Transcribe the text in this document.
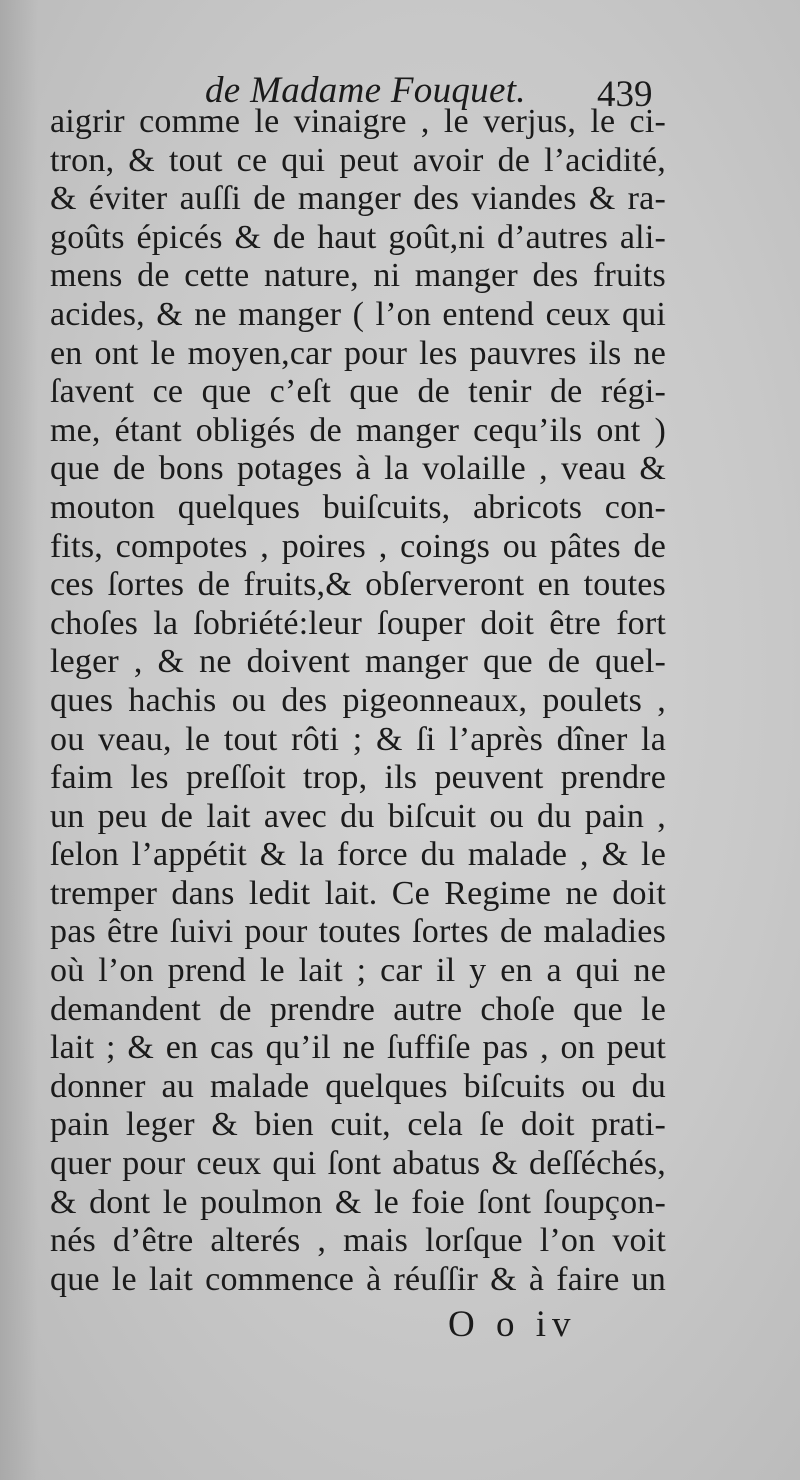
de Madame Fouquet. 439
aigrir comme le vinaigre , le verjus, le ci-
tron, & tout ce qui peut avoir de l’acidité,
& éviter auſſi de manger des viandes & ra-
goûts épicés & de haut goût,ni d’autres ali-
mens de cette nature, ni manger des fruits
acides, & ne manger ( l’on entend ceux qui
en ont le moyen,car pour les pauvres ils ne
ſavent ce que c’eſt que de tenir de régi-
me, étant obligés de manger cequ’ils ont )
que de bons potages à la volaille , veau &
mouton quelques buiſcuits, abricots con-
fits, compotes , poires , coings ou pâtes de
ces ſortes de fruits,& obſerveront en toutes
choſes la ſobriété:leur ſouper doit être fort
leger , & ne doivent manger que de quel-
ques hachis ou des pigeonneaux, poulets ,
ou veau, le tout rôti ; & ſi l’après dîner la
faim les preſſoit trop, ils peuvent prendre
un peu de lait avec du biſcuit ou du pain ,
ſelon l’appétit & la force du malade , & le
tremper dans ledit lait. Ce Regime ne doit
pas être ſuivi pour toutes ſortes de maladies
où l’on prend le lait ; car il y en a qui ne
demandent de prendre autre choſe que le
lait ; & en cas qu’il ne ſuffiſe pas , on peut
donner au malade quelques biſcuits ou du
pain leger & bien cuit, cela ſe doit prati-
quer pour ceux qui ſont abatus & deſſéchés,
& dont le poulmon & le foie ſont ſoupçon-
nés d’être alterés , mais lorſque l’on voit
que le lait commence à réuſſir & à faire un
O o iv
